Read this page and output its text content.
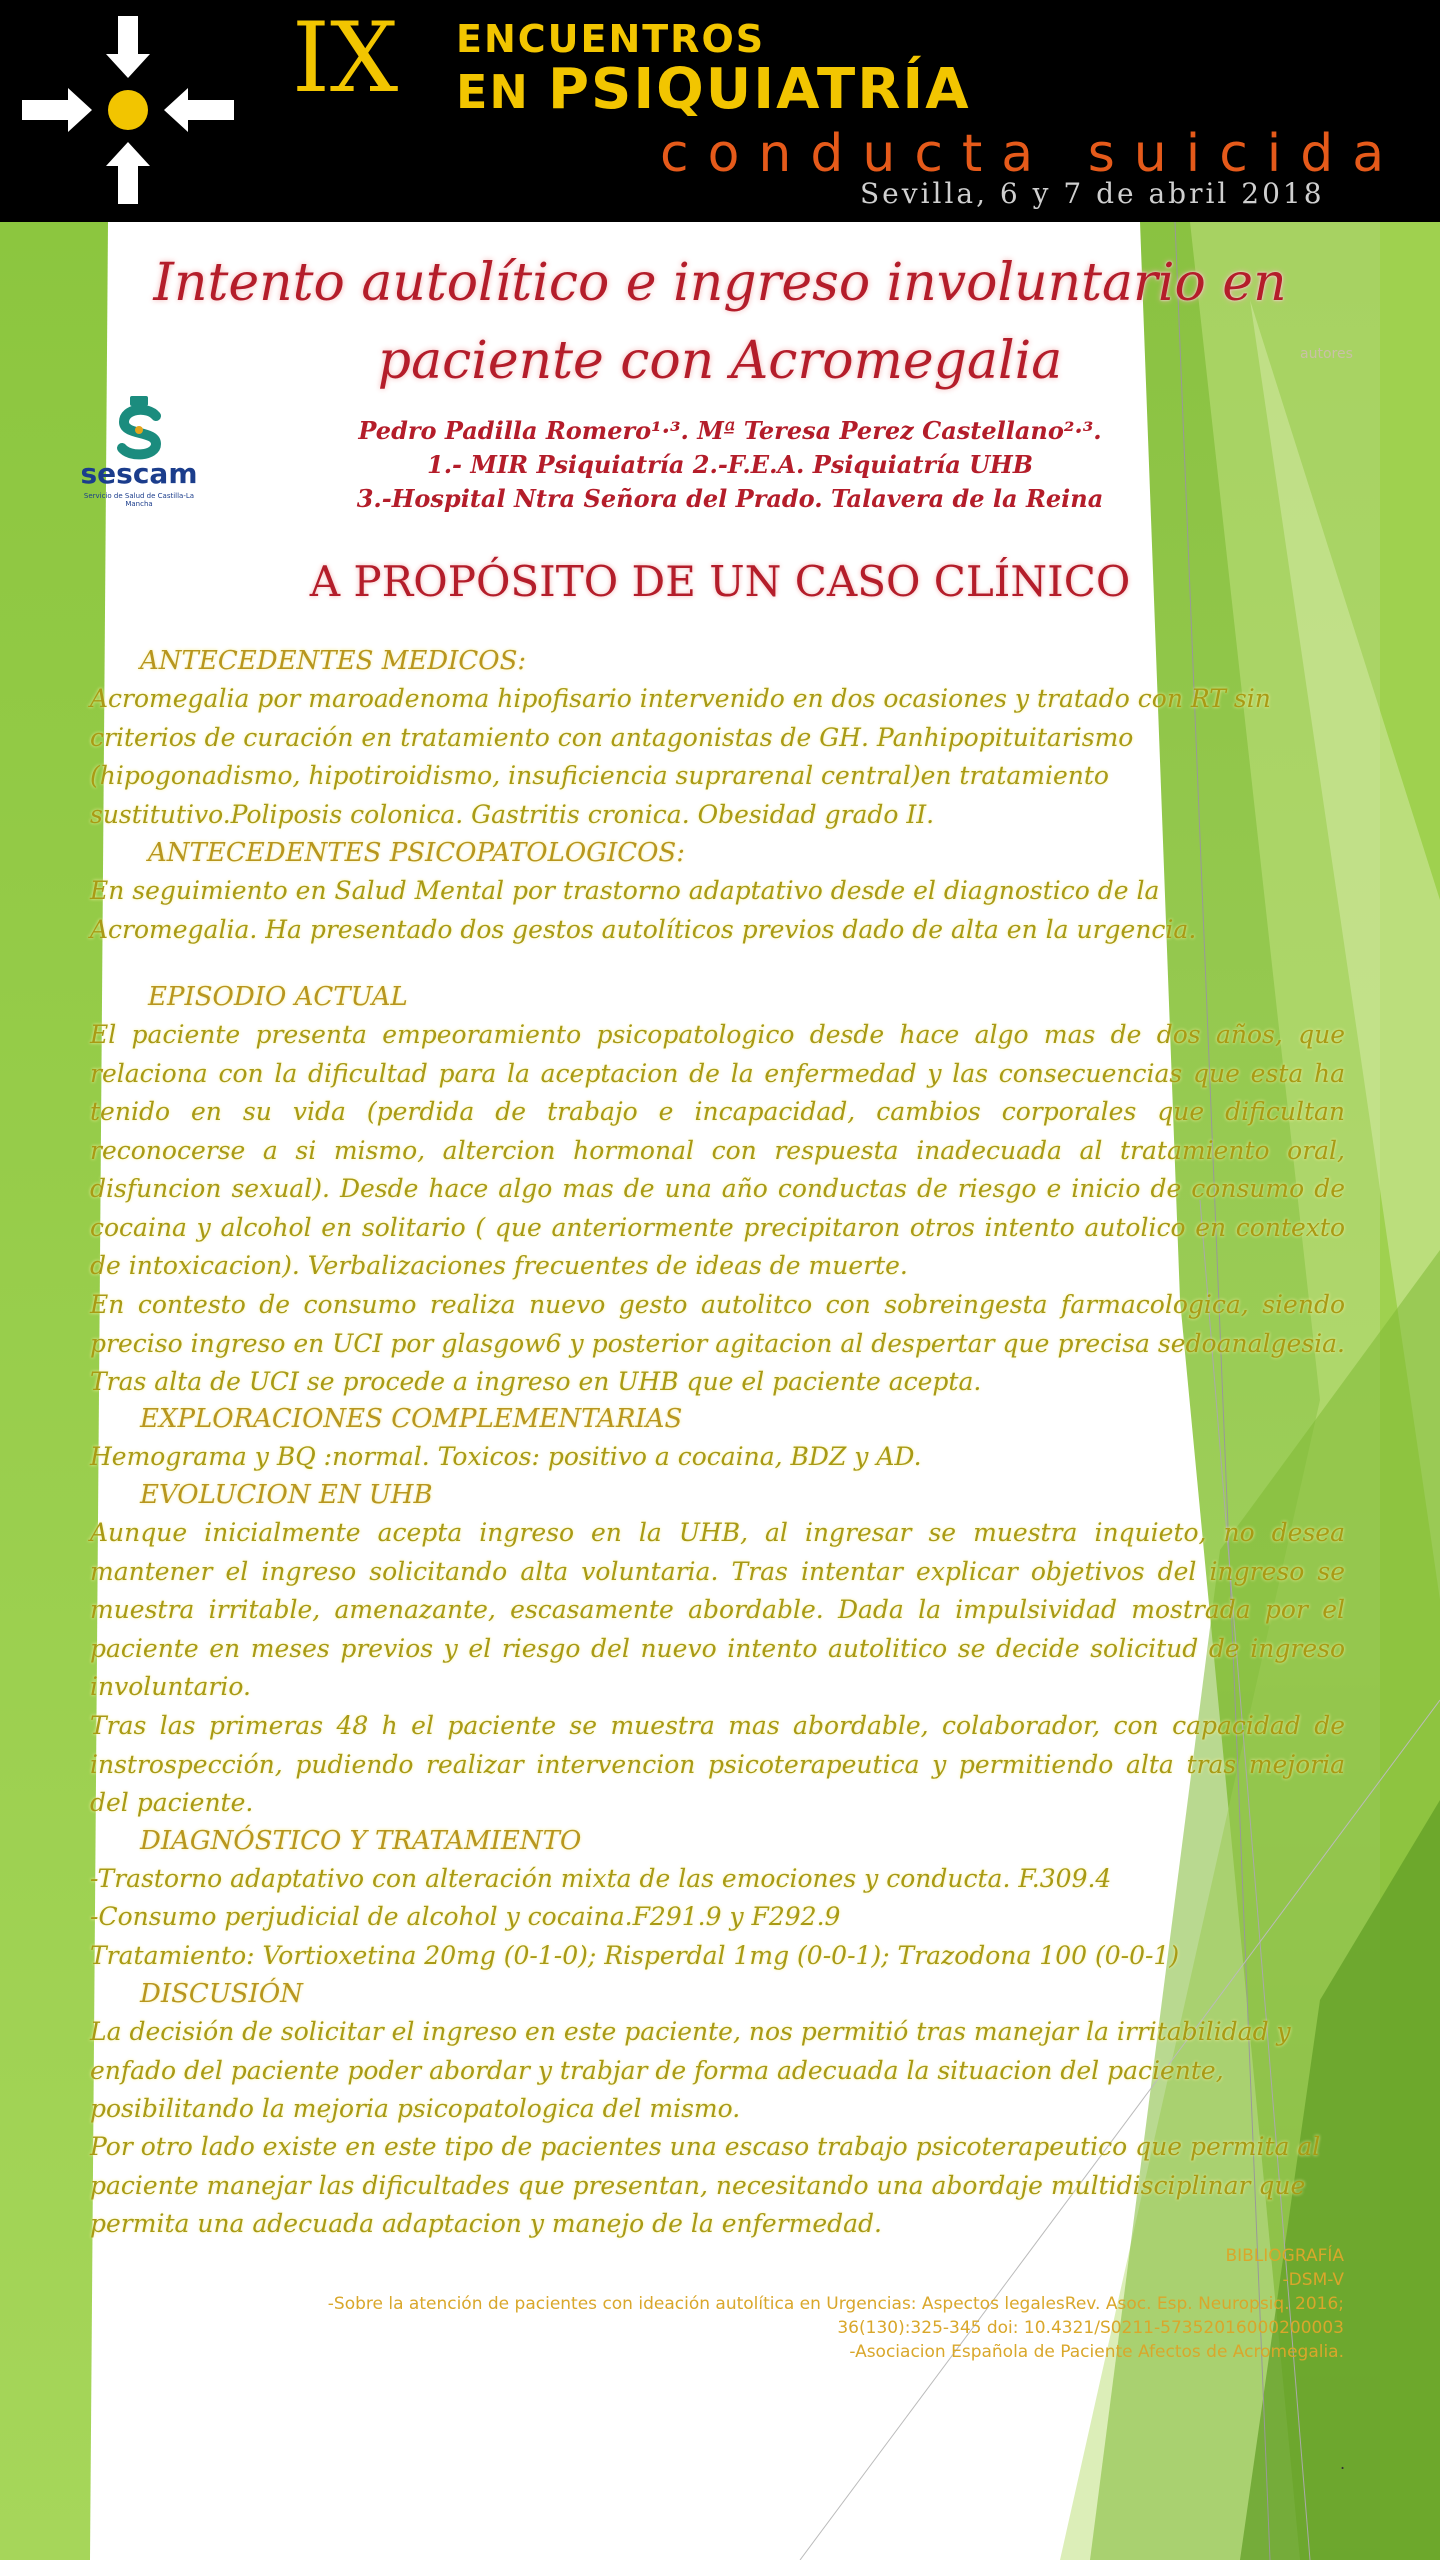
IX ENCUENTROS
EN PSIQUIATRÍA
conducta suicida
Sevilla, 6 y 7 de abril 2018
Intento autolítico e ingreso involuntario en paciente con Acromegalia
sescam
Servicio de Salud de Castilla-La Mancha
Pedro Padilla Romero¹·³. Mª Teresa Perez Castellano²·³.
1.- MIR Psiquiatría 2.-F.E.A. Psiquiatría UHB
3.-Hospital Ntra Señora del Prado. Talavera de la Reina
autores
A PROPÓSITO DE UN CASO CLÍNICO
ANTECEDENTES MEDICOS:
Acromegalia por maroadenoma hipofisario intervenido en dos ocasiones y tratado con RT sin criterios de curación en tratamiento con antagonistas de GH. Panhipopituitarismo (hipogonadismo, hipotiroidismo, insuficiencia suprarenal central)en tratamiento sustitutivo.Poliposis colonica. Gastritis cronica. Obesidad grado II.
ANTECEDENTES PSICOPATOLOGICOS:
En seguimiento en Salud Mental por trastorno adaptativo desde el diagnostico de la Acromegalia. Ha presentado dos gestos autolíticos previos dado de alta en la urgencia.
EPISODIO ACTUAL
El paciente presenta empeoramiento psicopatologico desde hace algo mas de dos años, que relaciona con la dificultad para la aceptacion de la enfermedad y las consecuencias que esta ha tenido en su vida (perdida de trabajo e incapacidad, cambios corporales que dificultan reconocerse a si mismo, altercion hormonal con respuesta inadecuada al tratamiento oral, disfuncion sexual). Desde hace algo mas de una año conductas de riesgo e inicio de consumo de cocaina y alcohol en solitario ( que anteriormente precipitaron otros intento autolico en contexto de intoxicacion). Verbalizaciones frecuentes de ideas de muerte.
En contesto de consumo realiza nuevo gesto autolitco con sobreingesta farmacologica, siendo preciso ingreso en UCI por glasgow6 y posterior agitacion al despertar que precisa sedoanalgesia. Tras alta de UCI se procede a ingreso en UHB que el paciente acepta.
EXPLORACIONES COMPLEMENTARIAS
Hemograma y BQ :normal. Toxicos: positivo a cocaina, BDZ y AD.
EVOLUCION EN UHB
Aunque inicialmente acepta ingreso en la UHB, al ingresar se muestra inquieto, no desea mantener el ingreso solicitando alta voluntaria. Tras intentar explicar objetivos del ingreso se muestra irritable, amenazante, escasamente abordable. Dada la impulsividad mostrada por el paciente en meses previos y el riesgo del nuevo intento autolitico se decide solicitud de ingreso involuntario.
Tras las primeras 48 h el paciente se muestra mas abordable, colaborador, con capacidad de instrospección, pudiendo realizar intervencion psicoterapeutica y permitiendo alta tras mejoria del paciente.
DIAGNÓSTICO Y TRATAMIENTO
-Trastorno adaptativo con alteración mixta de las emociones y conducta. F.309.4
-Consumo perjudicial de alcohol y cocaina.F291.9 y F292.9
Tratamiento: Vortioxetina 20mg (0-1-0); Risperdal 1mg (0-0-1); Trazodona 100 (0-0-1)
DISCUSIÓN
La decisión de solicitar el ingreso en este paciente, nos permitió tras manejar la irritabilidad y enfado del paciente poder abordar y trabjar de forma adecuada la situacion del paciente, posibilitando la mejoria psicopatologica del mismo.
Por otro lado existe en este tipo de pacientes una escaso trabajo psicoterapeutico que permita al paciente manejar las dificultades que presentan, necesitando una abordaje multidisciplinar que permita una adecuada adaptacion y manejo de la enfermedad.
BIBLIOGRAFÍA
-DSM-V
-Sobre la atención de pacientes con ideación autolítica en Urgencias: Aspectos legalesRev. Asoc. Esp. Neuropsiq. 2016;
36(130):325-345 doi: 10.4321/S0211-57352016000200003
-Asociacion Española de Paciente Afectos de Acromegalia.
.
